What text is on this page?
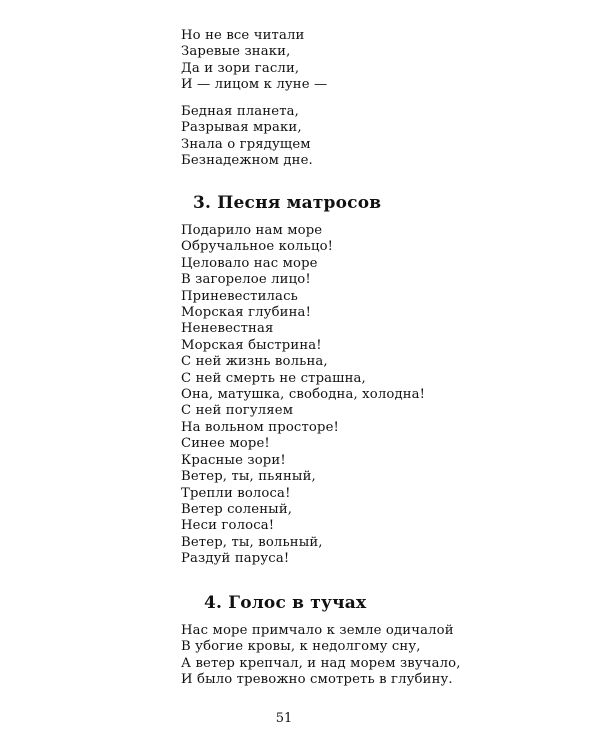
Но не все читали
Заревые знаки,
Да и зори гасли,
И — лицом к луне —
Бедная планета,
Разрывая мраки,
Знала о грядущем
Безнадежном дне.
3. Песня матросов
Подарило нам море
Обручальное кольцо!
Целовало нас море
В загорелое лицо!
Приневестилась
Морская глубина!
Неневестная
Морская быстрина!
С ней жизнь вольна,
С ней смерть не страшна,
Она, матушка, свободна, холодна!
С ней погуляем
На вольном просторе!
Синее море!
Красные зори!
Ветер, ты, пьяный,
Трепли волоса!
Ветер соленый,
Неси голоса!
Ветер, ты, вольный,
Раздуй паруса!
4. Голос в тучах
Нас море примчало к земле одичалой
В убогие кровы, к недолгому сну,
А ветер крепчал, и над морем звучало,
И было тревожно смотреть в глубину.
51
